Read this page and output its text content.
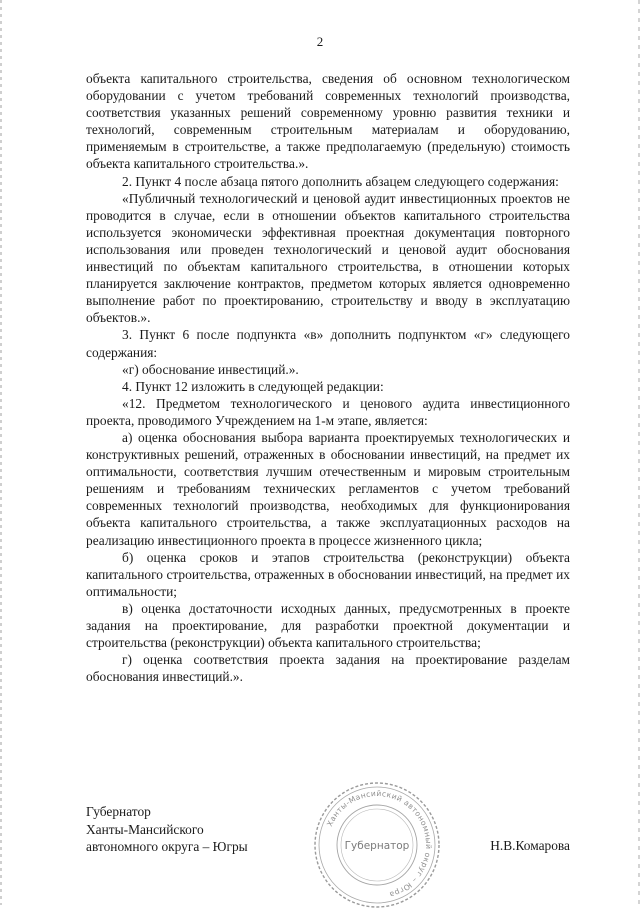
2

объекта капитального строительства, сведения об основном технологическом оборудовании с учетом требований современных технологий производства, соответствия указанных решений современному уровню развития техники и технологий, современным строительным материалам и оборудованию, применяемым в строительстве, а также предполагаемую (предельную) стоимость объекта капитального строительства.».

2. Пункт 4 после абзаца пятого дополнить абзацем следующего содержания:

«Публичный технологический и ценовой аудит инвестиционных проектов не проводится в случае, если в отношении объектов капитального строительства используется экономически эффективная проектная документация повторного использования или проведен технологический и ценовой аудит обоснования инвестиций по объектам капитального строительства, в отношении которых планируется заключение контрактов, предметом которых является одновременно выполнение работ по проектированию, строительству и вводу в эксплуатацию объектов.».

3. Пункт 6 после подпункта «в» дополнить подпунктом «г» следующего содержания:

«г) обоснование инвестиций.».

4. Пункт 12 изложить в следующей редакции:

«12. Предметом технологического и ценового аудита инвестиционного проекта, проводимого Учреждением на 1-м этапе, является:

а) оценка обоснования выбора варианта проектируемых технологических и конструктивных решений, отраженных в обосновании инвестиций, на предмет их оптимальности, соответствия лучшим отечественным и мировым строительным решениям и требованиям технических регламентов с учетом требований современных технологий производства, необходимых для функционирования объекта капитального строительства, а также эксплуатационных расходов на реализацию инвестиционного проекта в процессе жизненного цикла;

б) оценка сроков и этапов строительства (реконструкции) объекта капитального строительства, отраженных в обосновании инвестиций, на предмет их оптимальности;

в) оценка достаточности исходных данных, предусмотренных в проекте задания на проектирование, для разработки проектной документации и строительства (реконструкции) объекта капитального строительства;

г) оценка соответствия проекта задания на проектирование разделам обоснования инвестиций.».

Губернатор
Ханты-Мансийского
автономного округа – Югры
Ханты-Мансийский автономный округ – Югра
Губернатор	Н.В.Комарова
